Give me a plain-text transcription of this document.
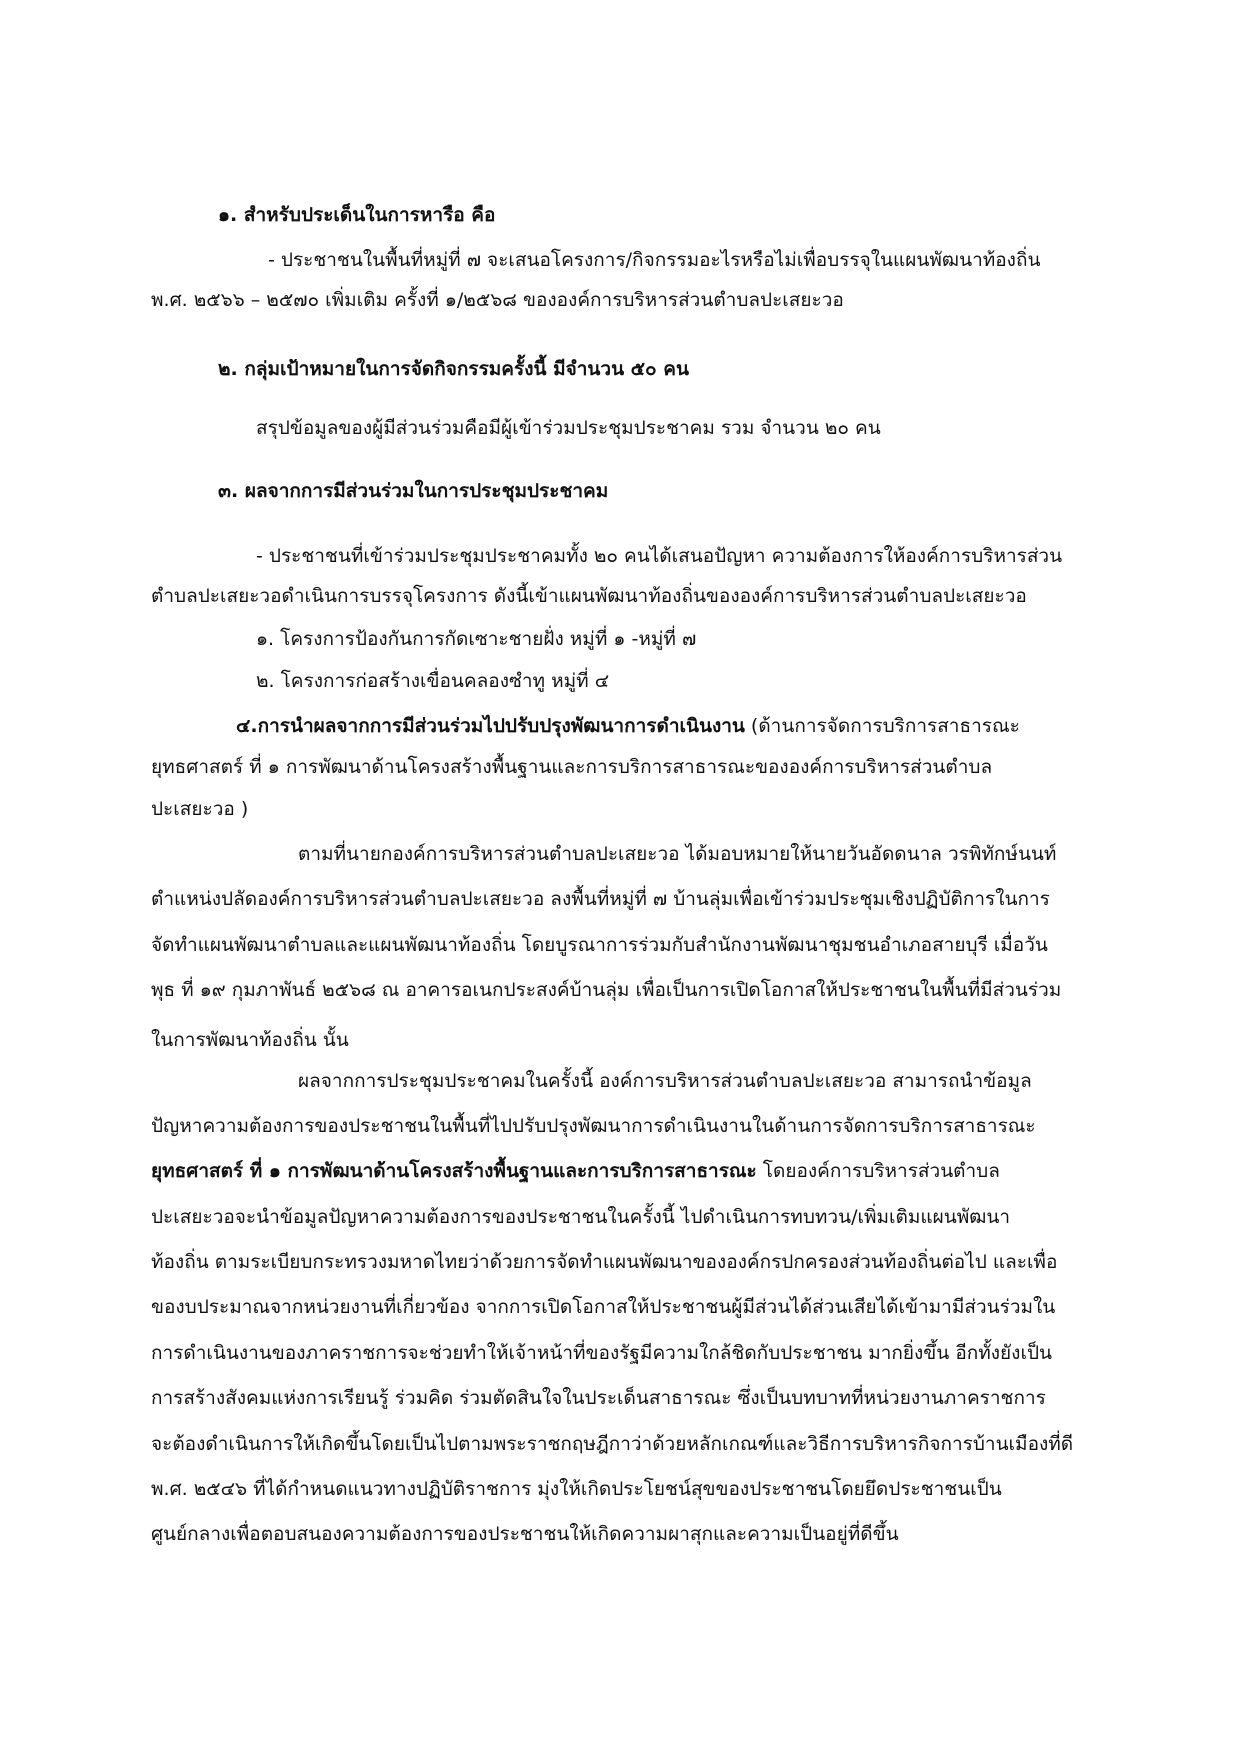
๑. สำหรับประเด็นในการหารือ คือ
- ประชาชนในพื้นที่หมู่ที่ ๗ จะเสนอโครงการ/กิจกรรมอะไรหรือไม่เพื่อบรรจุในแผนพัฒนาท้องถิ่น
พ.ศ. ๒๕๖๖ – ๒๕๗๐ เพิ่มเติม ครั้งที่ ๑/๒๕๖๘ ขององค์การบริหารส่วนตำบลปะเสยะวอ
๒. กลุ่มเป้าหมายในการจัดกิจกรรมครั้งนี้ มีจำนวน ๕๐ คน
สรุปข้อมูลของผู้มีส่วนร่วมคือมีผู้เข้าร่วมประชุมประชาคม รวม จำนวน ๒๐ คน
๓. ผลจากการมีส่วนร่วมในการประชุมประชาคม
- ประชาชนที่เข้าร่วมประชุมประชาคมทั้ง ๒๐ คนได้เสนอปัญหา ความต้องการให้องค์การบริหารส่วน
ตำบลปะเสยะวอดำเนินการบรรจุโครงการ ดังนี้เข้าแผนพัฒนาท้องถิ่นขององค์การบริหารส่วนตำบลปะเสยะวอ
๑. โครงการป้องกันการกัดเซาะชายฝั่ง หมู่ที่ ๑ -หมู่ที่ ๗
๒. โครงการก่อสร้างเขื่อนคลองซำทู หมู่ที่ ๔
๔.การนำผลจากการมีส่วนร่วมไปปรับปรุงพัฒนาการดำเนินงาน (ด้านการจัดการบริการสาธารณะ
ยุทธศาสตร์ ที่ ๑ การพัฒนาด้านโครงสร้างพื้นฐานและการบริการสาธารณะขององค์การบริหารส่วนตำบล
ปะเสยะวอ )
ตามที่นายกองค์การบริหารส่วนตำบลปะเสยะวอ ได้มอบหมายให้นายวันอัดดนาล วรพิทักษ์นนท์
ตำแหน่งปลัดองค์การบริหารส่วนตำบลปะเสยะวอ ลงพื้นที่หมู่ที่ ๗ บ้านลุ่มเพื่อเข้าร่วมประชุมเชิงปฏิบัติการในการ
จัดทำแผนพัฒนาตำบลและแผนพัฒนาท้องถิ่น โดยบูรณาการร่วมกับสำนักงานพัฒนาชุมชนอำเภอสายบุรี เมื่อวัน
พุธ ที่ ๑๙ กุมภาพันธ์ ๒๕๖๘ ณ อาคารอเนกประสงค์บ้านลุ่ม เพื่อเป็นการเปิดโอกาสให้ประชาชนในพื้นที่มีส่วนร่วม
ในการพัฒนาท้องถิ่น นั้น
ผลจากการประชุมประชาคมในครั้งนี้ องค์การบริหารส่วนตำบลปะเสยะวอ สามารถนำข้อมูล
ปัญหาความต้องการของประชาชนในพื้นที่ไปปรับปรุงพัฒนาการดำเนินงานในด้านการจัดการบริการสาธารณะ
ยุทธศาสตร์ ที่ ๑ การพัฒนาด้านโครงสร้างพื้นฐานและการบริการสาธารณะ โดยองค์การบริหารส่วนตำบล
ปะเสยะวอจะนำข้อมูลปัญหาความต้องการของประชาชนในครั้งนี้ ไปดำเนินการทบทวน/เพิ่มเติมแผนพัฒนา
ท้องถิ่น ตามระเบียบกระทรวงมหาดไทยว่าด้วยการจัดทำแผนพัฒนาขององค์กรปกครองส่วนท้องถิ่นต่อไป และเพื่อ
ของบประมาณจากหน่วยงานที่เกี่ยวข้อง จากการเปิดโอกาสให้ประชาชนผู้มีส่วนได้ส่วนเสียได้เข้ามามีส่วนร่วมใน
การดำเนินงานของภาคราชการจะช่วยทำให้เจ้าหน้าที่ของรัฐมีความใกล้ชิดกับประชาชน มากยิ่งขึ้น อีกทั้งยังเป็น
การสร้างสังคมแห่งการเรียนรู้ ร่วมคิด ร่วมตัดสินใจในประเด็นสาธารณะ ซึ่งเป็นบทบาทที่หน่วยงานภาคราชการ
จะต้องดำเนินการให้เกิดขึ้นโดยเป็นไปตามพระราชกฤษฎีกาว่าด้วยหลักเกณฑ์และวิธีการบริหารกิจการบ้านเมืองที่ดี
พ.ศ. ๒๕๔๖ ที่ได้กำหนดแนวทางปฏิบัติราชการ มุ่งให้เกิดประโยชน์สุขของประชาชนโดยยึดประชาชนเป็น
ศูนย์กลางเพื่อตอบสนองความต้องการของประชาชนให้เกิดความผาสุกและความเป็นอยู่ที่ดีขึ้น
